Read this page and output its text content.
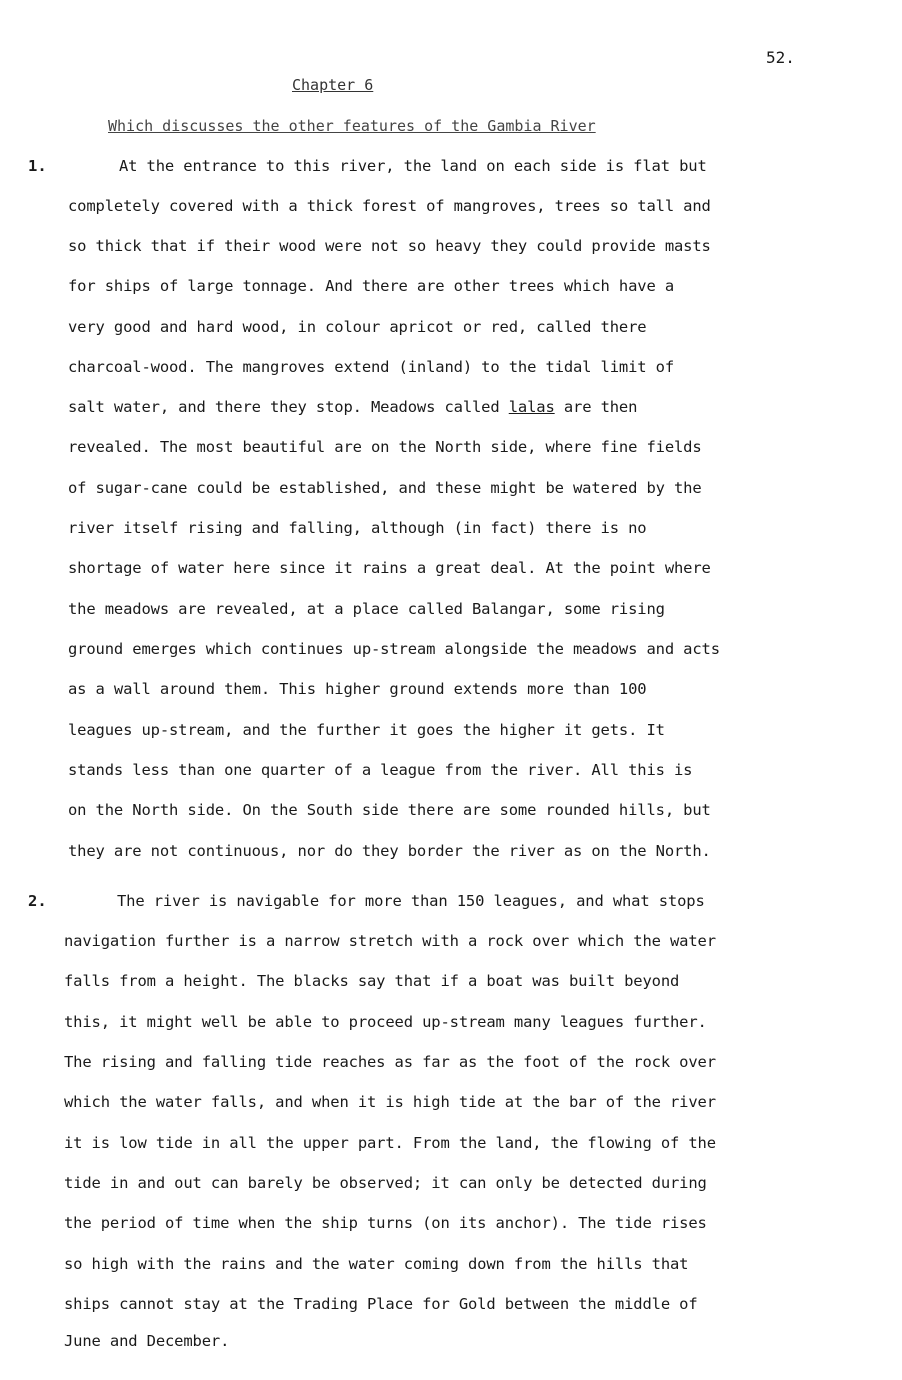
52.
Chapter 6
Which discusses the other features of the Gambia River
1.	At the entrance to this river, the land on each side is flat but
completely covered with a thick forest of mangroves, trees so tall and
so thick that if their wood were not so heavy they could provide masts
for ships of large tonnage. And there are other trees which have a
very good and hard wood, in colour apricot or red, called there
charcoal-wood. The mangroves extend (inland) to the tidal limit of
salt water, and there they stop. Meadows called lalas are then
revealed. The most beautiful are on the North side, where fine fields
of sugar-cane could be established, and these might be watered by the
river itself rising and falling, although (in fact) there is no
shortage of water here since it rains a great deal. At the point where
the meadows are revealed, at a place called Balangar, some rising
ground emerges which continues up-stream alongside the meadows and acts
as a wall around them. This higher ground extends more than 100
leagues up-stream, and the further it goes the higher it gets. It
stands less than one quarter of a league from the river. All this is
on the North side. On the South side there are some rounded hills, but
they are not continuous, nor do they border the river as on the North.
2.	The river is navigable for more than 150 leagues, and what stops
navigation further is a narrow stretch with a rock over which the water
falls from a height. The blacks say that if a boat was built beyond
this, it might well be able to proceed up-stream many leagues further.
The rising and falling tide reaches as far as the foot of the rock over
which the water falls, and when it is high tide at the bar of the river
it is low tide in all the upper part. From the land, the flowing of the
tide in and out can barely be observed; it can only be detected during
the period of time when the ship turns (on its anchor). The tide rises
so high with the rains and the water coming down from the hills that
ships cannot stay at the Trading Place for Gold between the middle of
June and December.
